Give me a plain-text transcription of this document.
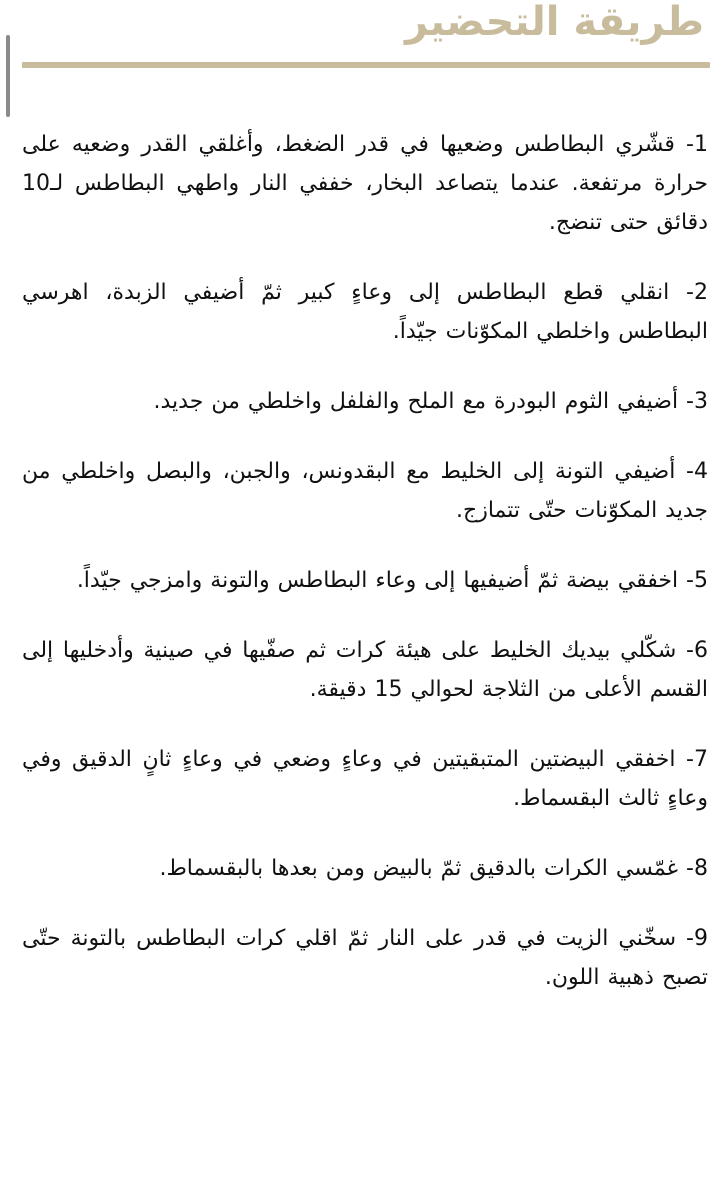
طريقة التحضير
1- قشّري البطاطس وضعيها في قدر الضغط، وأغلقي القدر وضعيه على حرارة مرتفعة. عندما يتصاعد البخار، خففي النار واطهي البطاطس لـ10 دقائق حتى تنضج.
2- انقلي قطع البطاطس إلى وعاءٍ كبير ثمّ أضيفي الزبدة، اهرسي البطاطس واخلطي المكوّنات جيّداً.
3- أضيفي الثوم البودرة مع الملح والفلفل واخلطي من جديد.
4- أضيفي التونة إلى الخليط مع البقدونس، والجبن، والبصل واخلطي من جديد المكوّنات حتّى تتمازج.
5- اخفقي بيضة ثمّ أضيفيها إلى وعاء البطاطس والتونة وامزجي جيّداً.
6- شكّلي بيديك الخليط على هيئة كرات ثم صفّيها في صينية وأدخليها إلى القسم الأعلى من الثلاجة لحوالي 15 دقيقة.
7- اخفقي البيضتين المتبقيتين في وعاءٍ وضعي في وعاءٍ ثانٍ الدقيق وفي وعاءٍ ثالث البقسماط.
8- غمّسي الكرات بالدقيق ثمّ بالبيض ومن بعدها بالبقسماط.
9- سخّني الزيت في قدر على النار ثمّ اقلي كرات البطاطس بالتونة حتّى تصبح ذهبية اللون.
